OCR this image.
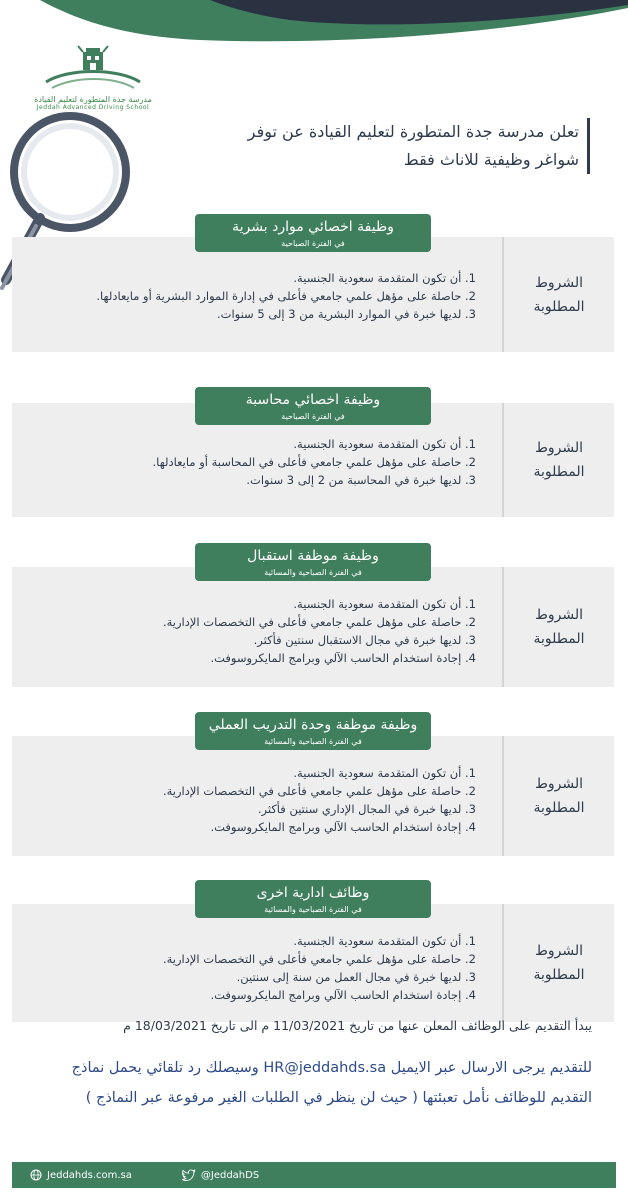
مدرسة جدة المتطورة لتعليم القيادة
Jeddah Advanced Driving School
تعلن مدرسة جدة المتطورة لتعليم القيادة عن توفر
شواغر وظيفية للاناث فقط
وظيفة اخصائي موارد بشرية
في الفترة الصباحية
الشروط
المطلوبة
1. أن تكون المتقدمة سعودية الجنسية.
2. حاصلة على مؤهل علمي جامعي فأعلى في إدارة الموارد البشرية أو مايعادلها.
3. لديها خبرة في الموارد البشرية من 3 إلى 5 سنوات.
وظيفة اخصائي محاسبة
في الفترة الصباحية
الشروط
المطلوبة
1. أن تكون المتقدمة سعودية الجنسية.
2. حاصلة على مؤهل علمي جامعي فأعلى في المحاسبة أو مايعادلها.
3. لديها خبرة في المحاسبة من 2 إلى 3 سنوات.
وظيفة موظفة استقبال
في الفترة الصباحية والمسائية
الشروط
المطلوبة
1. أن تكون المتقدمة سعودية الجنسية.
2. حاصلة على مؤهل علمي جامعي فأعلى في التخصصات الإدارية.
3. لديها خبرة في مجال الاستقبال سنتين فأكثر.
4. إجادة استخدام الحاسب الآلي وبرامج المايكروسوفت.
وظيفة موظفة وحدة التدريب العملي
في الفترة الصباحية والمسائية
الشروط
المطلوبة
1. أن تكون المتقدمة سعودية الجنسية.
2. حاصلة على مؤهل علمي جامعي فأعلى في التخصصات الإدارية.
3. لديها خبرة في المجال الإداري سنتين فأكثر.
4. إجادة استخدام الحاسب الآلي وبرامج المايكروسوفت.
وظائف ادارية اخرى
في الفترة الصباحية والمسائية
الشروط
المطلوبة
1. أن تكون المتقدمة سعودية الجنسية.
2. حاصلة على مؤهل علمي جامعي فأعلى في التخصصات الإدارية.
3. لديها خبرة في مجال العمل من سنة إلى سنتين.
4. إجادة استخدام الحاسب الآلي وبرامج المايكروسوفت.
يبدأ التقديم على الوظائف المعلن عنها من تاريخ 11/03/2021 م الى تاريخ 18/03/2021 م
للتقديم يرجى الارسال عبر الايميل HR@jeddahds.sa وسيصلك رد تلقائي يحمل نماذج
التقديم للوظائف نأمل تعبئتها ( حيث لن ينظر في الطلبات الغير مرفوعة عبر النماذج )
Jeddahds.com.sa	@JeddahDS
